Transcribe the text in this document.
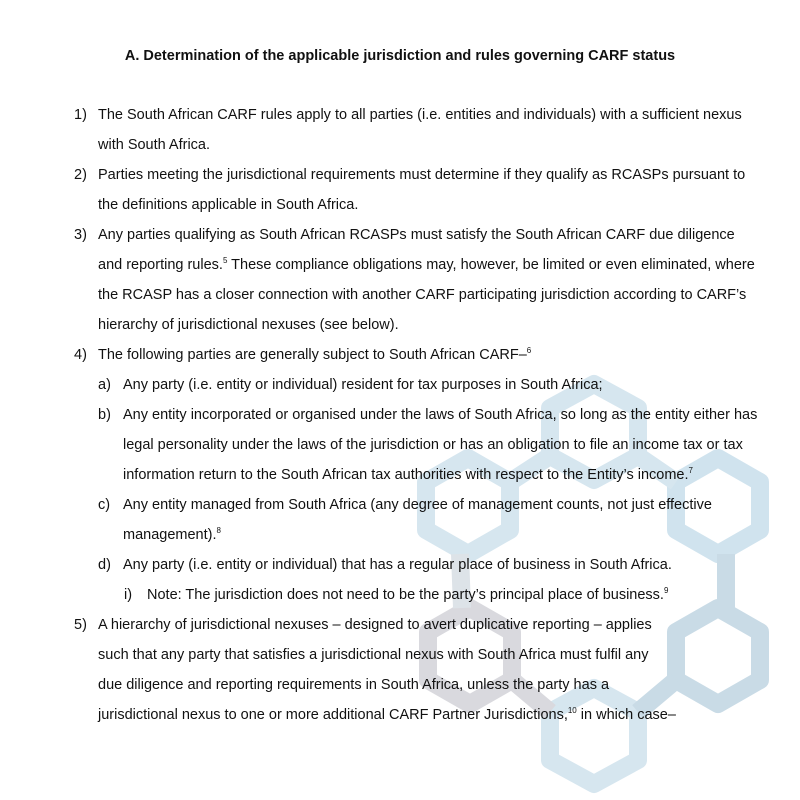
A. Determination of the applicable jurisdiction and rules governing CARF status
1) The South African CARF rules apply to all parties (i.e. entities and individuals) with a sufficient nexus with South Africa.
2) Parties meeting the jurisdictional requirements must determine if they qualify as RCASPs pursuant to the definitions applicable in South Africa.
3) Any parties qualifying as South African RCASPs must satisfy the South African CARF due diligence and reporting rules.$^5$ These compliance obligations may, however, be limited or even eliminated, where the RCASP has a closer connection with another CARF participating jurisdiction according to CARF’s hierarchy of jurisdictional nexuses (see below).
4) The following parties are generally subject to South African CARF–$^6$
a) Any party (i.e. entity or individual) resident for tax purposes in South Africa;
b) Any entity incorporated or organised under the laws of South Africa, so long as the entity either has legal personality under the laws of the jurisdiction or has an obligation to file an income tax or tax information return to the South African tax authorities with respect to the Entity’s income.$^7$
c) Any entity managed from South Africa (any degree of management counts, not just effective management).$^8$
d) Any party (i.e. entity or individual) that has a regular place of business in South Africa.
i) Note: The jurisdiction does not need to be the party’s principal place of business.$^9$
5) A hierarchy of jurisdictional nexuses – designed to avert duplicative reporting – applies
such that any party that satisfies a jurisdictional nexus with South Africa must fulfil any
due diligence and reporting requirements in South Africa, unless the party has a
jurisdictional nexus to one or more additional CARF Partner Jurisdictions,$^{10}$ in which case–
